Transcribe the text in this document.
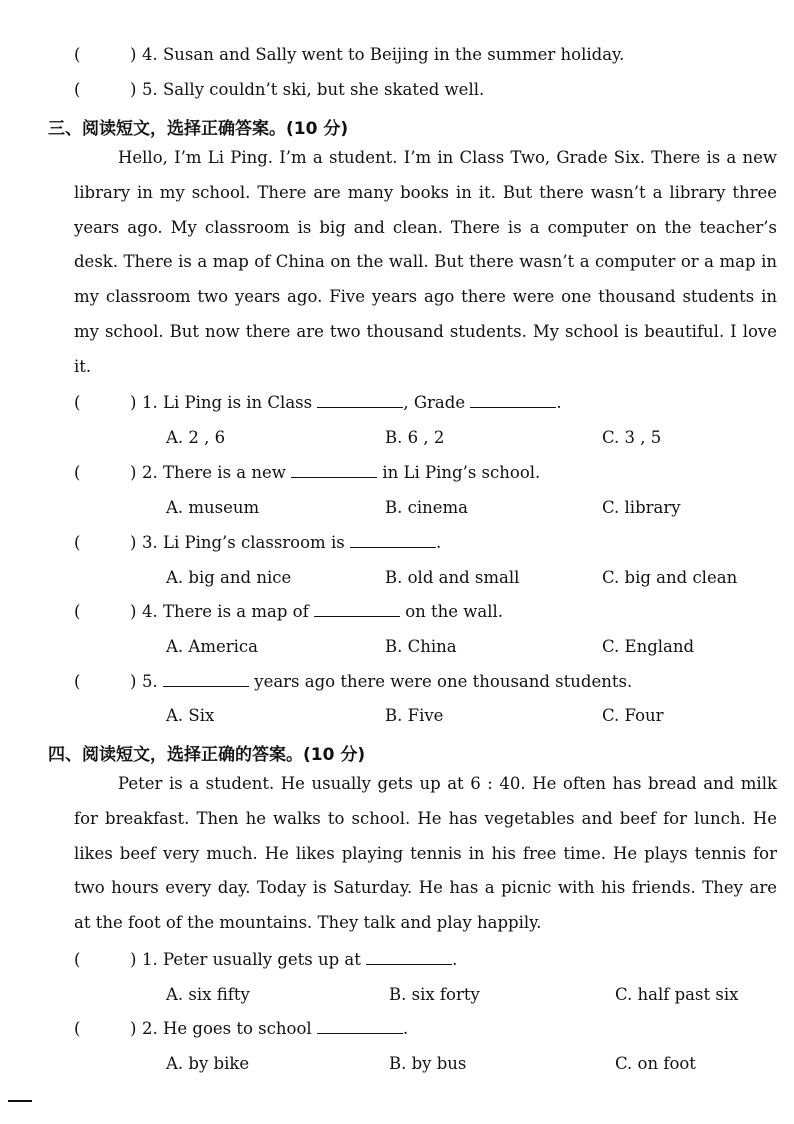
(	) 4. Susan and Sally went to Beijing in the summer holiday.
(	) 5. Sally couldn’t ski, but she skated well.
三、阅读短文，选择正确答案。(10 分)
Hello, I’m Li Ping. I’m a student. I’m in Class Two, Grade Six. There is a new library in my school. There are many books in it. But there wasn’t a library three years ago. My classroom is big and clean. There is a computer on the teacher’s desk. There is a map of China on the wall. But there wasn’t a computer or a map in my classroom two years ago. Five years ago there were one thousand students in my school. But now there are two thousand students. My school is beautiful. I love it.
(	) 1. Li Ping is in Class	, Grade	.
A. 2 , 6	B. 6 , 2	C. 3 , 5
(	) 2. There is a new	in Li Ping’s school.
A. museum	B. cinema	C. library
(	) 3. Li Ping’s classroom is	.
A. big and nice	B. old and small	C. big and clean
(	) 4. There is a map of	on the wall.
A. America	B. China	C. England
(	) 5.	years ago there were one thousand students.
A. Six	B. Five	C. Four
四、阅读短文，选择正确的答案。(10 分)
Peter is a student. He usually gets up at 6 : 40. He often has bread and milk for breakfast. Then he walks to school. He has vegetables and beef for lunch. He likes beef very much. He likes playing tennis in his free time. He plays tennis for two hours every day. Today is Saturday. He has a picnic with his friends. They are at the foot of the mountains. They talk and play happily.
(	) 1. Peter usually gets up at	.
A. six fifty	B. six forty	C. half past six
(	) 2. He goes to school	.
A. by bike	B. by bus	C. on foot
